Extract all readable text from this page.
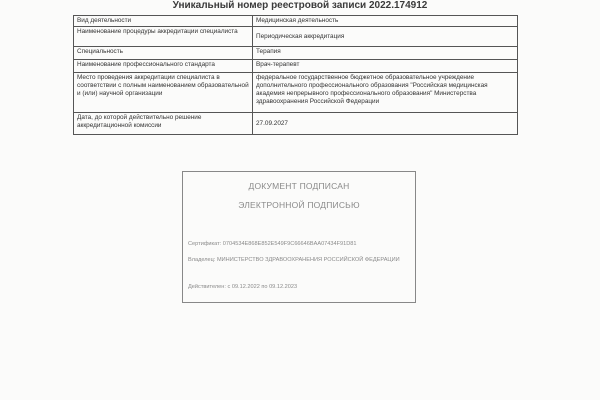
Уникальный номер реестровой записи 2022.174912
Вид деятельности	Медицинская деятельность
Наименование процедуры аккредитации специалиста	Периодическая аккредитация
Специальность	Терапия
Наименование профессионального стандарта	Врач-терапевт
Место проведения аккредитации специалиста в соответствии с полным наименованием образовательной и (или) научной организации	федеральное государственное бюджетное образовательное учреждение дополнительного профессионального образования "Российская медицинская академия непрерывного профессионального образования" Министерства здравоохранения Российской Федерации
Дата, до которой действительно решение аккредитационной комиссии	27.09.2027
ДОКУМЕНТ ПОДПИСАН
ЭЛЕКТРОННОЙ ПОДПИСЬЮ
Сертификат: 0704534E868E852E549F9C66646BAA07434F91D81
Владелец: МИНИСТЕРСТВО ЗДРАВООХРАНЕНИЯ РОССИЙСКОЙ ФЕДЕРАЦИИ
Действителен: с 09.12.2022 по 09.12.2023
